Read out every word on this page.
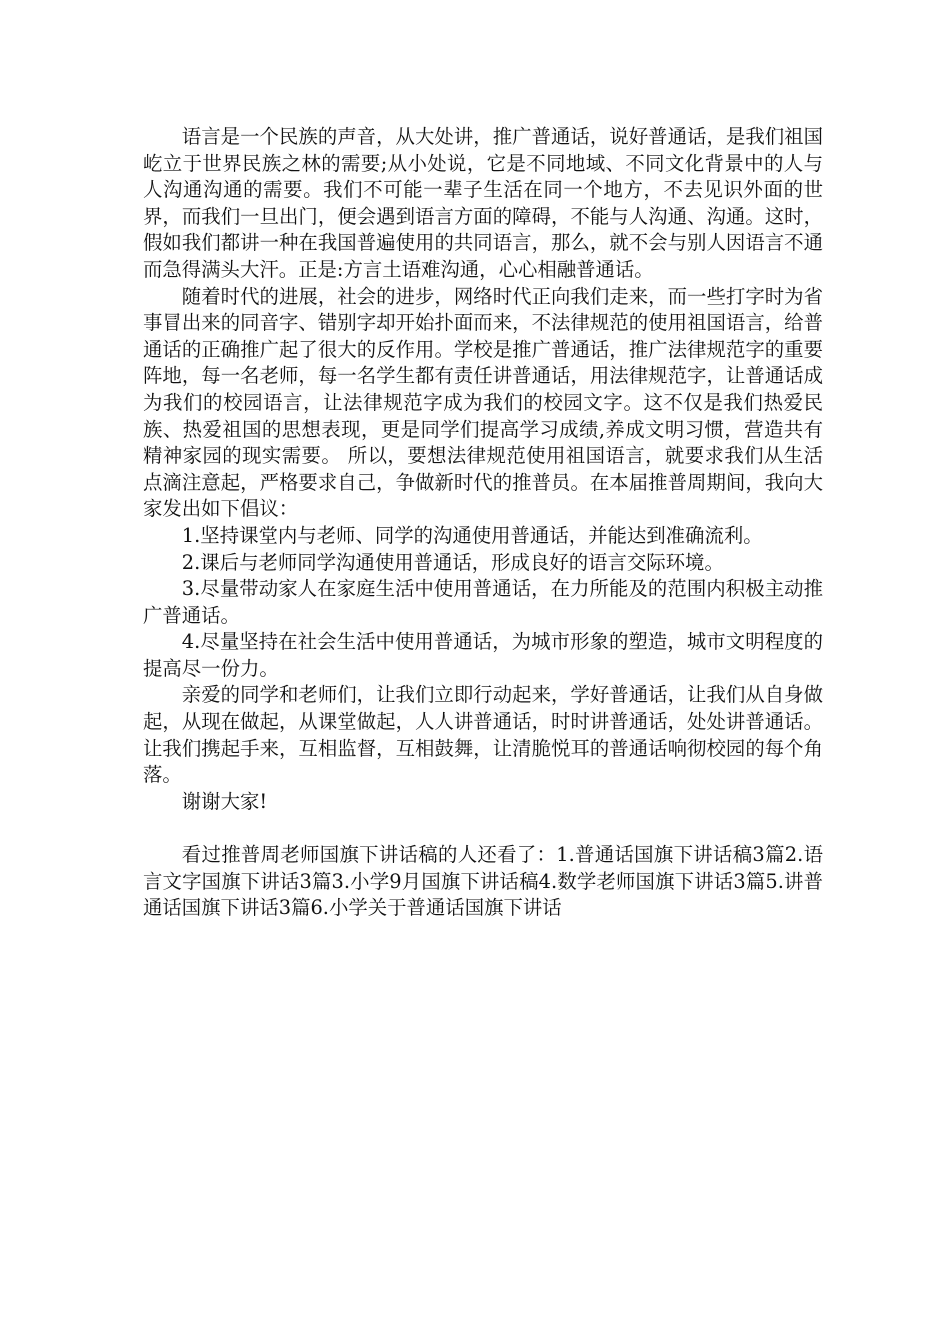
语言是一个民族的声音，从大处讲，推广普通话，说好普通话，是我们祖国屹立于世界民族之林的需要;从小处说，它是不同地域、不同文化背景中的人与人沟通沟通的需要。我们不可能一辈子生活在同一个地方，不去见识外面的世界，而我们一旦出门，便会遇到语言方面的障碍，不能与人沟通、沟通。这时，假如我们都讲一种在我国普遍使用的共同语言，那么，就不会与别人因语言不通而急得满头大汗。正是:方言土语难沟通，心心相融普通话。

随着时代的进展，社会的进步，网络时代正向我们走来，而一些打字时为省事冒出来的同音字、错别字却开始扑面而来，不法律规范的使用祖国语言，给普通话的正确推广起了很大的反作用。学校是推广普通话，推广法律规范字的重要阵地，每一名老师，每一名学生都有责任讲普通话，用法律规范字，让普通话成为我们的校园语言，让法律规范字成为我们的校园文字。这不仅是我们热爱民族、热爱祖国的思想表现，更是同学们提高学习成绩,养成文明习惯，营造共有精神家园的现实需要。 所以，要想法律规范使用祖国语言，就要求我们从生活点滴注意起，严格要求自己，争做新时代的推普员。在本届推普周期间，我向大家发出如下倡议：

1.坚持课堂内与老师、同学的沟通使用普通话，并能达到准确流利。

2.课后与老师同学沟通使用普通话，形成良好的语言交际环境。

3.尽量带动家人在家庭生活中使用普通话，在力所能及的范围内积极主动推广普通话。

4.尽量坚持在社会生活中使用普通话，为城市形象的塑造，城市文明程度的提高尽一份力。

亲爱的同学和老师们，让我们立即行动起来，学好普通话，让我们从自身做起，从现在做起，从课堂做起，人人讲普通话，时时讲普通话，处处讲普通话。让我们携起手来，互相监督，互相鼓舞，让清脆悦耳的普通话响彻校园的每个角落。

谢谢大家!

看过推普周老师国旗下讲话稿的人还看了：1.普通话国旗下讲话稿3篇2.语言文字国旗下讲话3篇3.小学9月国旗下讲话稿4.数学老师国旗下讲话3篇5.讲普通话国旗下讲话3篇6.小学关于普通话国旗下讲话
